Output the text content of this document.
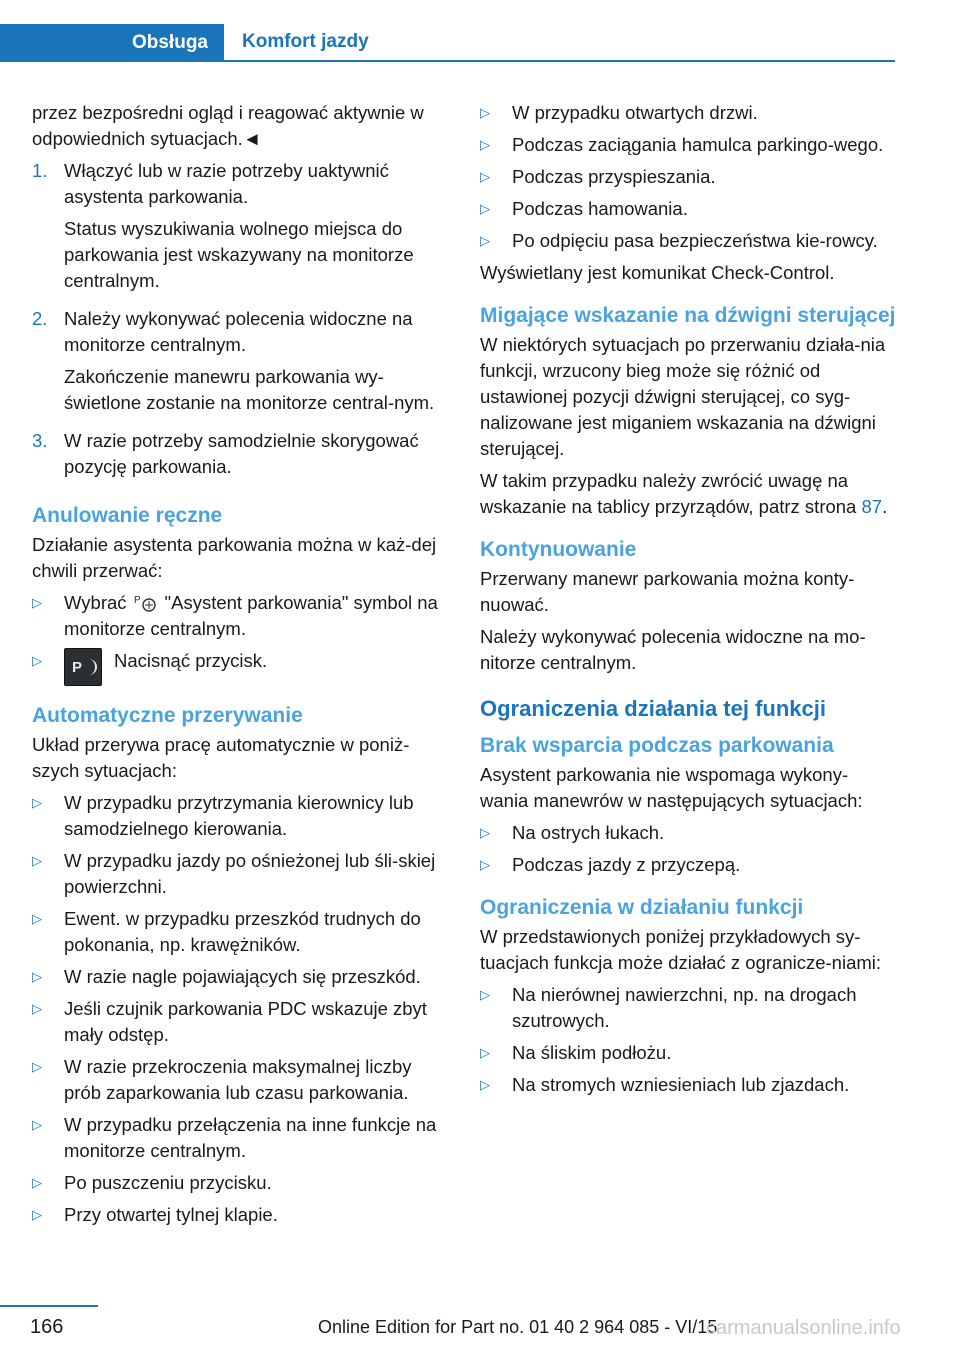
Obsługa	Komfort jazdy

przez bezpośredni ogląd i reagować aktywnie w odpowiednich sytuacjach.◄

1. Włączyć lub w razie potrzeby uaktywnić asystenta parkowania.

Status wyszukiwania wolnego miejsca do parkowania jest wskazywany na monitorze centralnym.

2. Należy wykonywać polecenia widoczne na monitorze centralnym.

Zakończenie manewru parkowania wy‐świetlone zostanie na monitorze central‐nym.

3. W razie potrzeby samodzielnie skorygować pozycję parkowania.

Anulowanie ręczne

Działanie asystenta parkowania można w każ‐dej chwili przerwać:

▷	Wybrać P "Asystent parkowania" symbol na monitorze centralnym.
▷	P Nacisnąć przycisk.
Automatyczne przerywanie

Układ przerywa pracę automatycznie w poniż‐szych sytuacjach:

▷	W przypadku przytrzymania kierownicy lub samodzielnego kierowania.
▷	W przypadku jazdy po ośnieżonej lub śli‐skiej powierzchni.
▷	Ewent. w przypadku przeszkód trudnych do pokonania, np. krawężników.
▷	W razie nagle pojawiających się przeszkód.
▷	Jeśli czujnik parkowania PDC wskazuje zbyt mały odstęp.
▷	W razie przekroczenia maksymalnej liczby prób zaparkowania lub czasu parkowania.
▷	W przypadku przełączenia na inne funkcje na monitorze centralnym.
▷	Po puszczeniu przycisku.
▷	Przy otwartej tylnej klapie.
▷	W przypadku otwartych drzwi.
▷	Podczas zaciągania hamulca parkingo‐wego.
▷	Podczas przyspieszania.
▷	Podczas hamowania.
▷	Po odpięciu pasa bezpieczeństwa kie‐rowcy.

Wyświetlany jest komunikat Check-Control.

Migające wskazanie na dźwigni sterującej

W niektórych sytuacjach po przerwaniu działa‐nia funkcji, wrzucony bieg może się różnić od ustawionej pozycji dźwigni sterującej, co syg‐nalizowane jest miganiem wskazania na dźwigni sterującej.

W takim przypadku należy zwrócić uwagę na wskazanie na tablicy przyrządów, patrz strona 87.

Kontynuowanie

Przerwany manewr parkowania można konty‐nuować.

Należy wykonywać polecenia widoczne na mo‐nitorze centralnym.

Ograniczenia działania tej funkcji
Brak wsparcia podczas parkowania

Asystent parkowania nie wspomaga wykony‐wania manewrów w następujących sytuacjach:

▷	Na ostrych łukach.
▷	Podczas jazdy z przyczepą.
Ograniczenia w działaniu funkcji

W przedstawionych poniżej przykładowych sy‐tuacjach funkcja może działać z ogranicze‐niami:

▷	Na nierównej nawierzchni, np. na drogach szutrowych.
▷	Na śliskim podłożu.
▷	Na stromych wzniesieniach lub zjazdach.
166	Online Edition for Part no. 01 40 2 964 085 - VI/15
carmanualsonline.info
